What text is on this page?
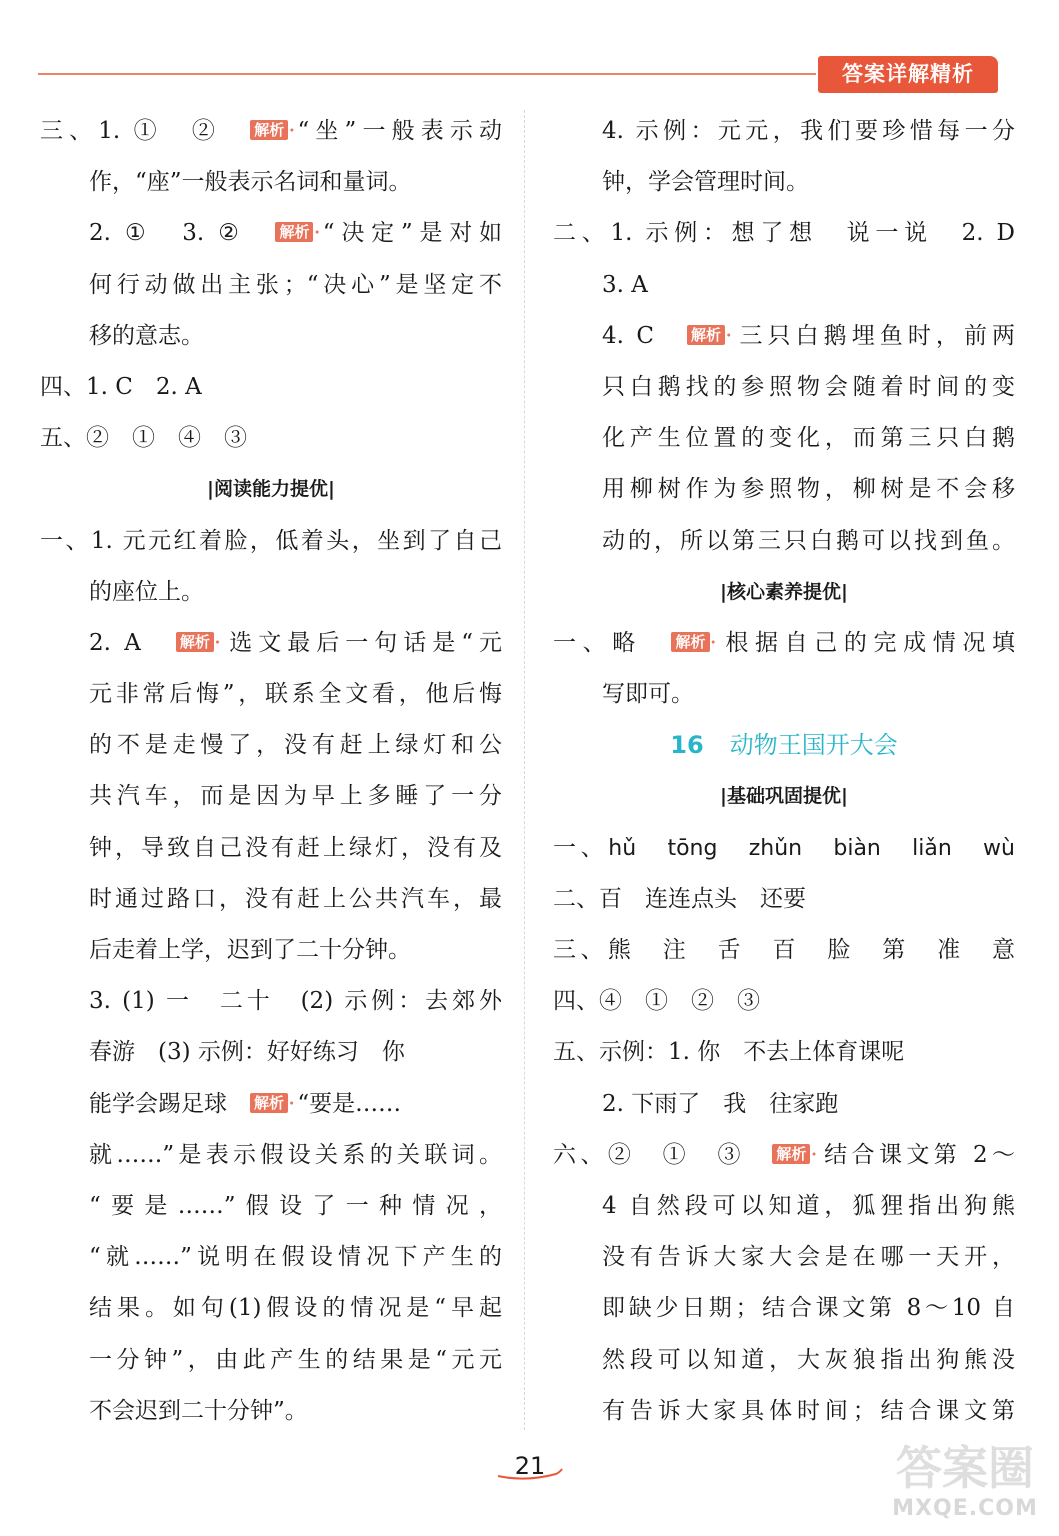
答案详解精析
三、1. ①　②　解析 ·“坐”一般表示动
作，“座”一般表示名词和量词。
2. ①　3. ②　解析 ·“决定”是对如
何行动做出主张；“决心”是坚定不
移的意志。
四、1. C　2. A
五、②　①　④　③
|阅读能力提优|
一、1. 元元红着脸，低着头，坐到了自己
的座位上。
2. A　解析 ·选文最后一句话是“元
元非常后悔”，联系全文看，他后悔
的不是走慢了，没有赶上绿灯和公
共汽车，而是因为早上多睡了一分
钟，导致自己没有赶上绿灯，没有及
时通过路口，没有赶上公共汽车，最
后走着上学，迟到了二十分钟。
3. (1) 一　二十　(2) 示例：去郊外
春游　(3) 示例：好好练习　你
能学会踢足球　解析 ·“要是……
就……”是表示假设关系的关联词。
“要是……”假设了一种情况，
“就……”说明在假设情况下产生的
结果。如句(1)假设的情况是“早起
一分钟”，由此产生的结果是“元元
不会迟到二十分钟”。
4. 示例：元元，我们要珍惜每一分
钟，学会管理时间。
二、1. 示例：想了想　说一说　2. D
3. A
4. C　解析 ·三只白鹅埋鱼时，前两
只白鹅找的参照物会随着时间的变
化产生位置的变化，而第三只白鹅
用柳树作为参照物，柳树是不会移
动的，所以第三只白鹅可以找到鱼。
|核心素养提优|
一、略　解析 ·根据自己的完成情况填
写即可。
16 动物王国开大会
|基础巩固提优|
一、hǔ　tōng　zhǔn　biàn　liǎn　wù
二、百　连连点头　还要
三、熊　注　舌　百　脸　第　准　意
四、④　①　②　③
五、示例：1. 你　不去上体育课呢
2. 下雨了　我　往家跑
六、②　①　③　解析 ·结合课文第 2～
4 自然段可以知道，狐狸指出狗熊
没有告诉大家大会是在哪一天开，
即缺少日期；结合课文第 8～10 自
然段可以知道，大灰狼指出狗熊没
有告诉大家具体时间；结合课文第
21	答案圈
MXQE.COM
